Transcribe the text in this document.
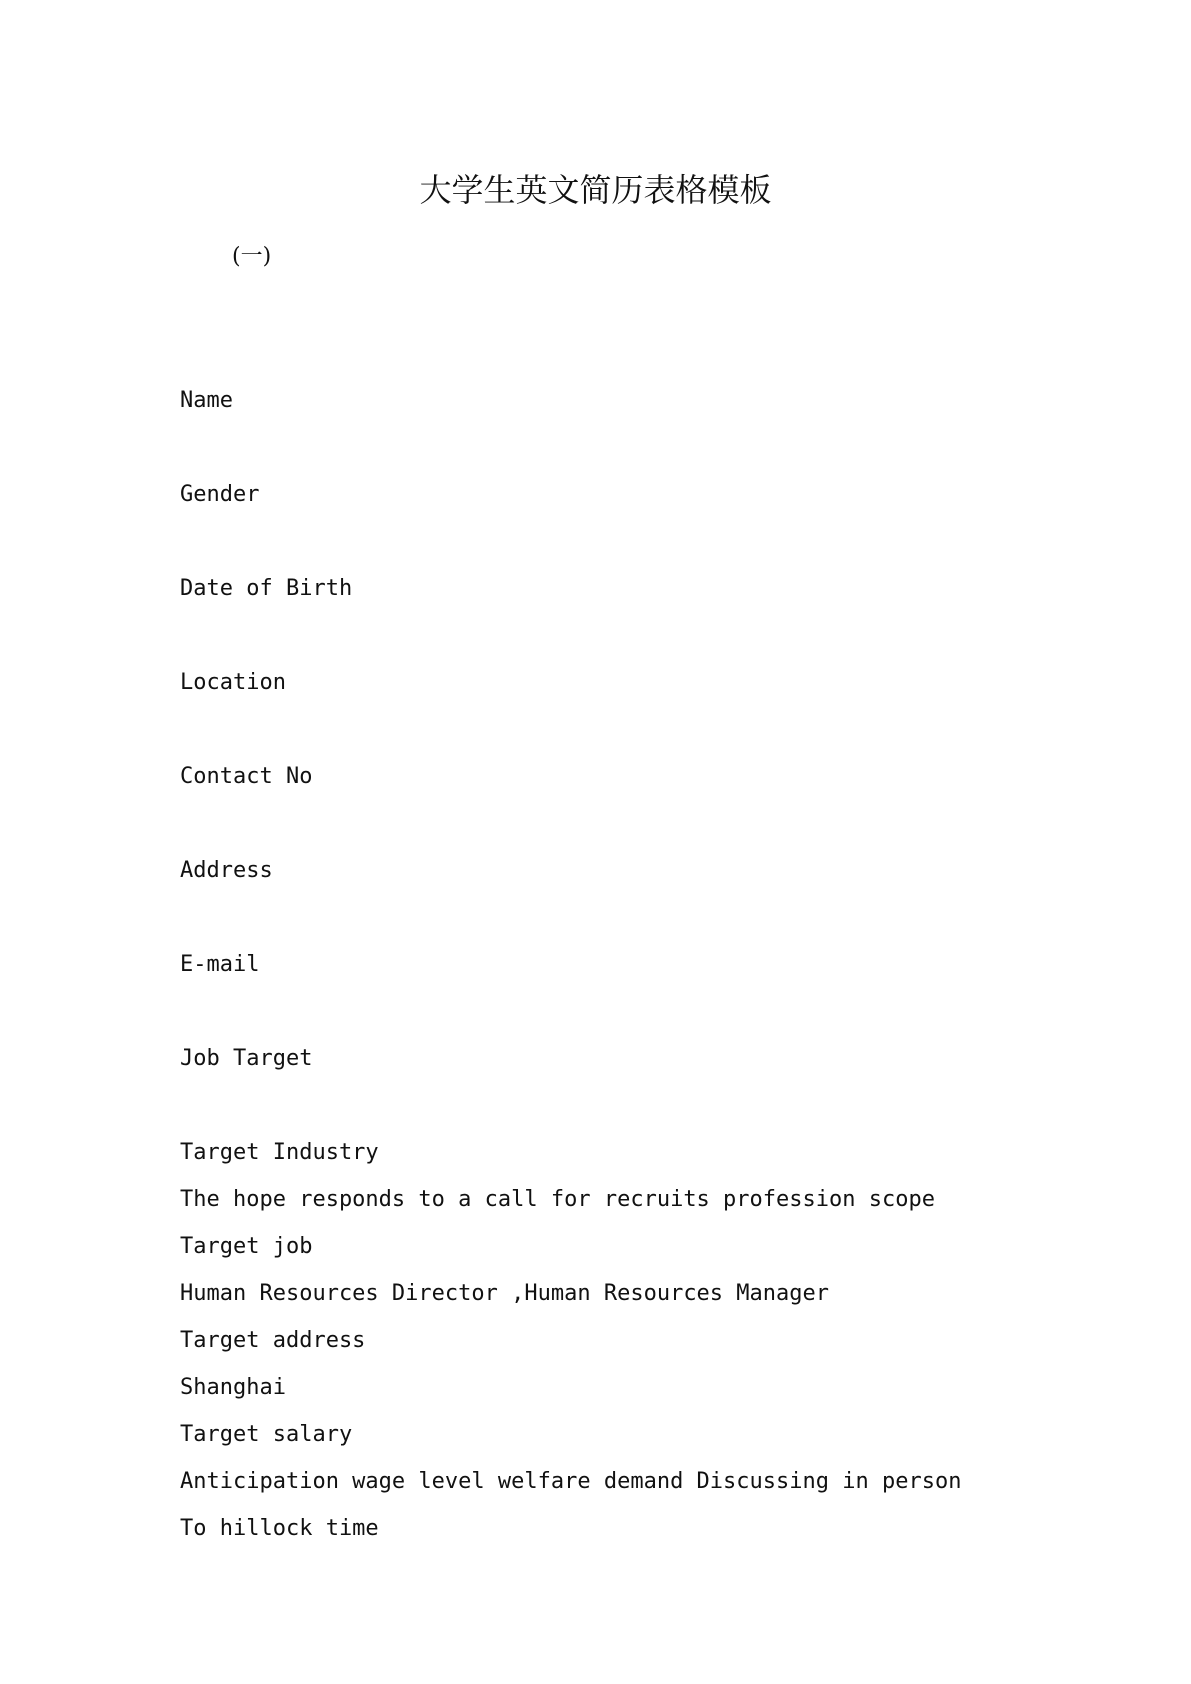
大学生英文简历表格模板
(一)
Name
Gender
Date of Birth
Location
Contact No
Address
E-mail
Job Target
Target Industry
The hope responds to a call for recruits profession scope
Target job
Human Resources Director ,Human Resources Manager
Target address
Shanghai
Target salary
Anticipation wage level welfare demand Discussing in person
To hillock time
